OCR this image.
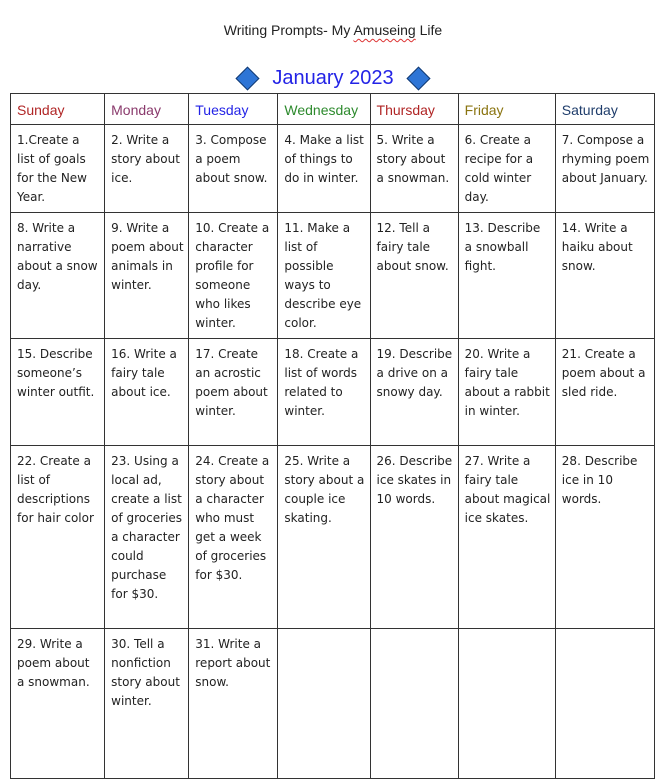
Writing Prompts- My Amuseing Life
January 2023
Sunday	Monday	Tuesday	Wednesday	Thursday	Friday	Saturday
1.Create a list of goals for the New Year.	2. Write a story about ice.	3. Compose a poem about snow.	4. Make a list of things to do in winter.	5. Write a story about a snowman.	6. Create a recipe for a cold winter day.	7. Compose a rhyming poem about January.
8. Write a narrative about a snow day.	9. Write a poem about animals in winter.	10. Create a character profile for someone who likes winter.	11. Make a list of possible ways to describe eye color.	12. Tell a fairy tale about snow.	13. Describe a snowball fight.	14. Write a haiku about snow.
15. Describe someone’s winter outfit.	16. Write a fairy tale about ice.	17. Create an acrostic poem about winter.	18. Create a list of words related to winter.	19. Describe a drive on a snowy day.	20. Write a fairy tale about a rabbit in winter.	21. Create a poem about a sled ride.
22. Create a list of descriptions for hair color	23. Using a local ad, create a list of groceries a character could purchase for $30.	24. Create a story about a character who must get a week of groceries for $30.	25. Write a story about a couple ice skating.	26. Describe ice skates in 10 words.	27. Write a fairy tale about magical ice skates.	28. Describe ice in 10 words.
29. Write a poem about a snowman.	30. Tell a nonfiction story about winter.	31. Write a report about snow.				
